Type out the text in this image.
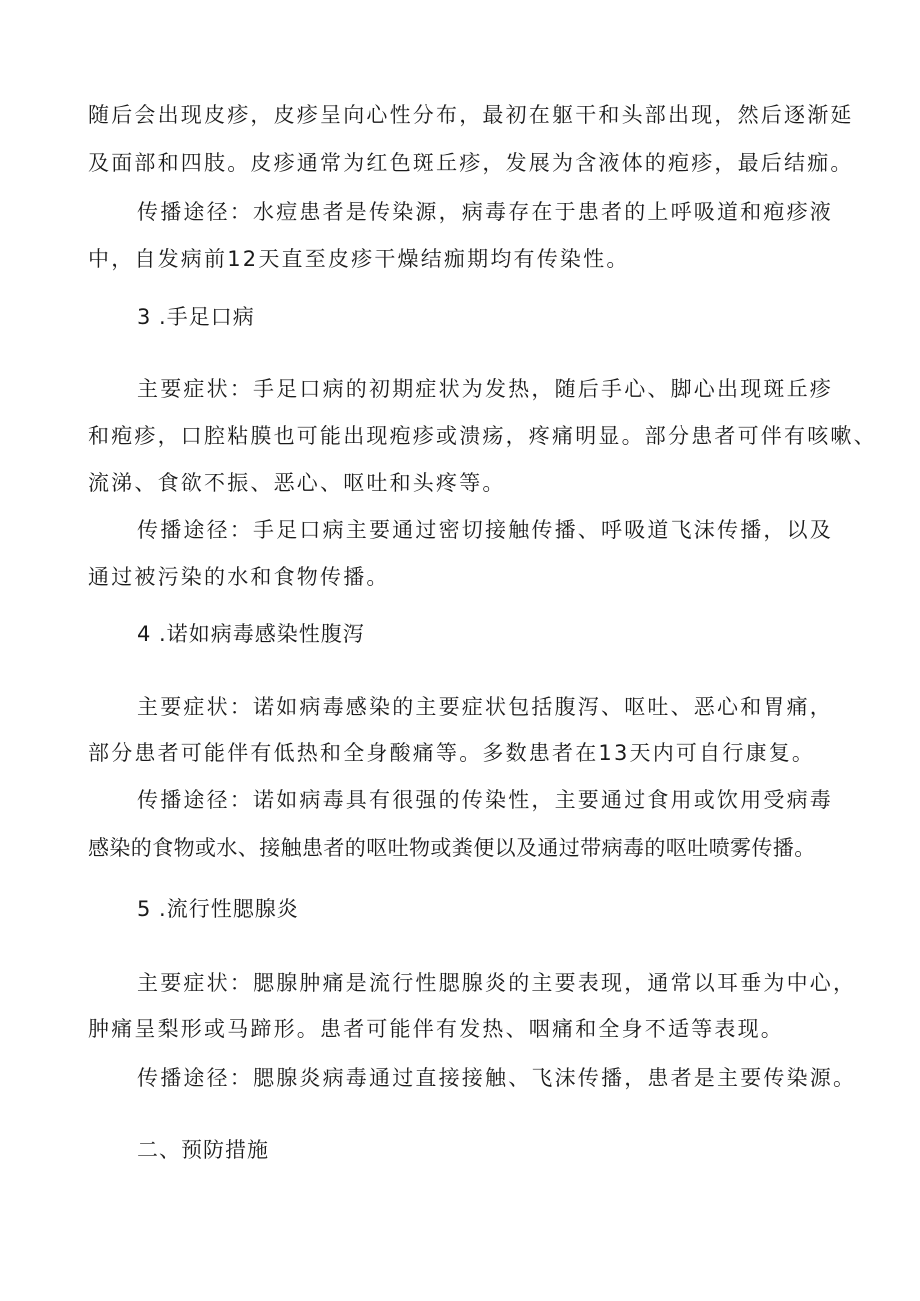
随后会出现皮疹，皮疹呈向心性分布，最初在躯干和头部出现，然后逐渐延
及面部和四肢。皮疹通常为红色斑丘疹，发展为含液体的疱疹，最后结痂。
传播途径：水痘患者是传染源，病毒存在于患者的上呼吸道和疱疹液
中，自发病前12天直至皮疹干燥结痂期均有传染性。
3 .手足口病
主要症状：手足口病的初期症状为发热，随后手心、脚心出现斑丘疹
和疱疹，口腔粘膜也可能出现疱疹或溃疡，疼痛明显。部分患者可伴有咳嗽、
流涕、食欲不振、恶心、呕吐和头疼等。
传播途径：手足口病主要通过密切接触传播、呼吸道飞沫传播，以及
通过被污染的水和食物传播。
4 .诺如病毒感染性腹泻
主要症状：诺如病毒感染的主要症状包括腹泻、呕吐、恶心和胃痛，
部分患者可能伴有低热和全身酸痛等。多数患者在13天内可自行康复。
传播途径：诺如病毒具有很强的传染性，主要通过食用或饮用受病毒
感染的食物或水、接触患者的呕吐物或粪便以及通过带病毒的呕吐喷雾传播。
5 .流行性腮腺炎
主要症状：腮腺肿痛是流行性腮腺炎的主要表现，通常以耳垂为中心，
肿痛呈梨形或马蹄形。患者可能伴有发热、咽痛和全身不适等表现。
传播途径：腮腺炎病毒通过直接接触、飞沫传播，患者是主要传染源。
二、预防措施
